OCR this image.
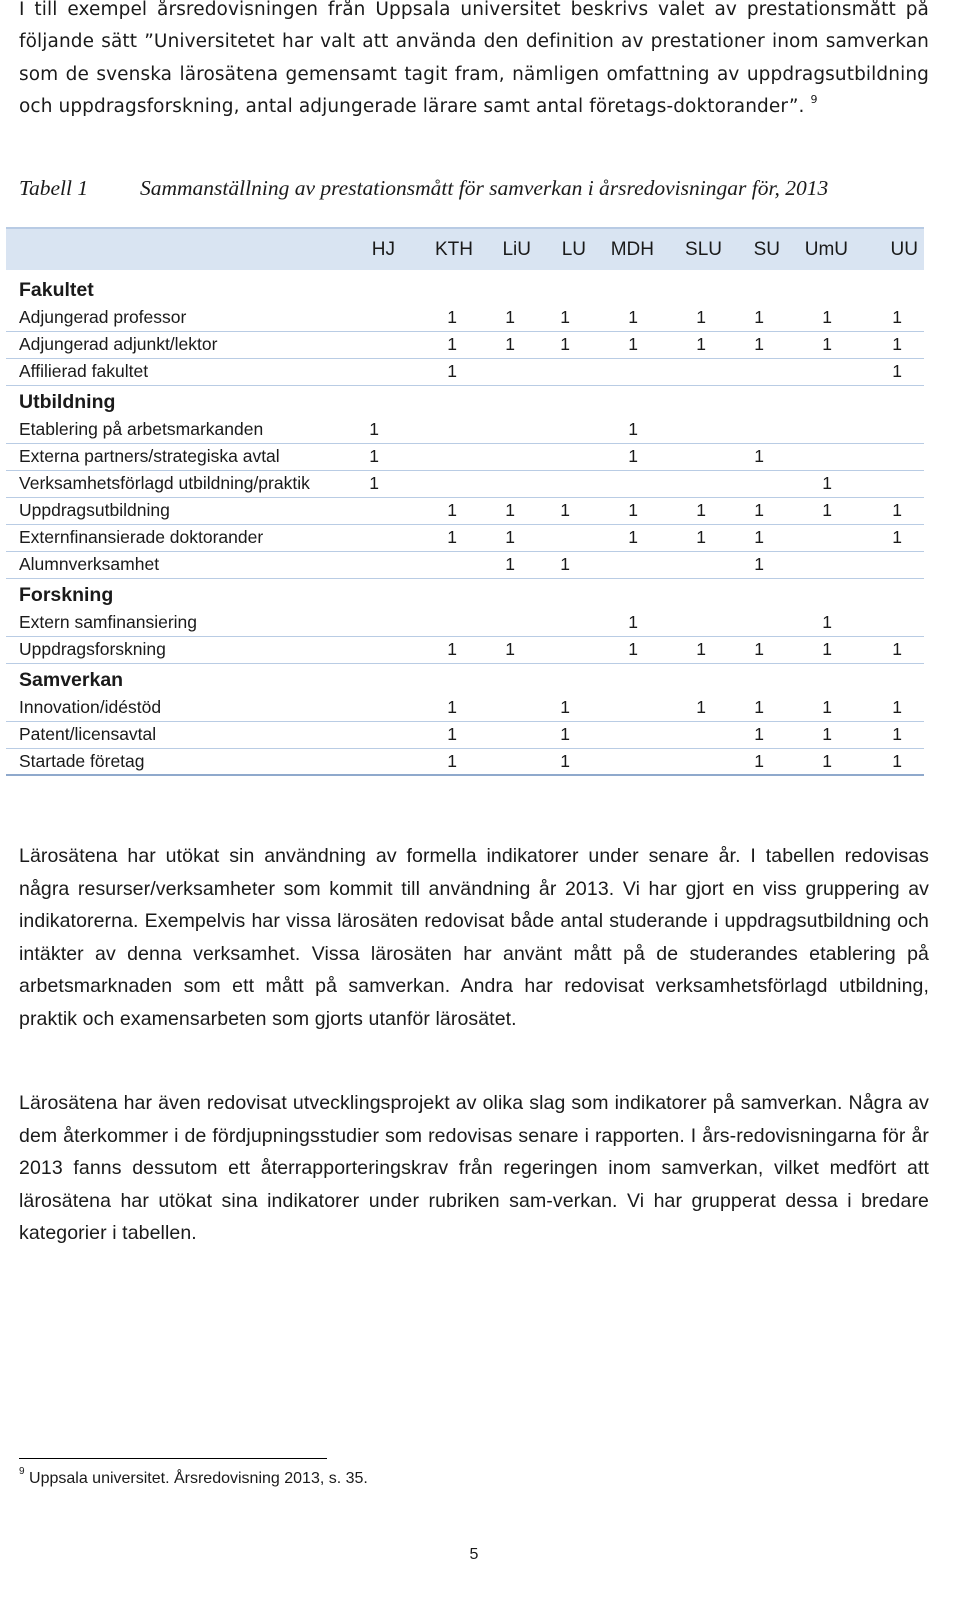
I till exempel årsredovisningen från Uppsala universitet beskrivs valet av prestationsmått på följande sätt ”Universitetet har valt att använda den definition av prestationer inom samverkan som de svenska lärosätena gemensamt tagit fram, nämligen omfattning av uppdragsutbildning och uppdragsforskning, antal adjungerade lärare samt antal företags-doktorander”. $^9$

Tabell 1 Sammanställning av prestationsmått för samverkan i årsredovisningar för, 2013
	HJ	KTH	LiU	LU	MDH	SLU	SU	UmU	UU
Fakultet									
Adjungerad professor		1	1	1	1	1	1	1	1
Adjungerad adjunkt/lektor		1	1	1	1	1	1	1	1
Affilierad fakultet		1							1
Utbildning									
Etablering på arbetsmarkanden	1				1				
Externa partners/strategiska avtal	1				1		1		
Verksamhetsförlagd utbildning/praktik	1							1	
Uppdragsutbildning		1	1	1	1	1	1	1	1
Externfinansierade doktorander		1	1		1	1	1		1
Alumnverksamhet			1	1			1		
Forskning									
Extern samfinansiering					1			1	
Uppdragsforskning		1	1		1	1	1	1	1
Samverkan									
Innovation/idéstöd		1		1		1	1	1	1
Patent/licensavtal		1		1			1	1	1
Startade företag		1		1			1	1	1

Lärosätena har utökat sin användning av formella indikatorer under senare år. I tabellen redovisas några resurser/verksamheter som kommit till användning år 2013. Vi har gjort en viss gruppering av indikatorerna. Exempelvis har vissa lärosäten redovisat både antal studerande i uppdragsutbildning och intäkter av denna verksamhet. Vissa lärosäten har använt mått på de studerandes etablering på arbetsmarknaden som ett mått på samverkan. Andra har redovisat verksamhetsförlagd utbildning, praktik och examensarbeten som gjorts utanför lärosätet.

Lärosätena har även redovisat utvecklingsprojekt av olika slag som indikatorer på samverkan. Några av dem återkommer i de fördjupningsstudier som redovisas senare i rapporten. I års-redovisningarna för år 2013 fanns dessutom ett återrapporteringskrav från regeringen inom samverkan, vilket medfört att lärosätena har utökat sina indikatorer under rubriken sam-verkan. Vi har grupperat dessa i bredare kategorier i tabellen.

$^9$ Uppsala universitet. Årsredovisning 2013, s. 35.
5
